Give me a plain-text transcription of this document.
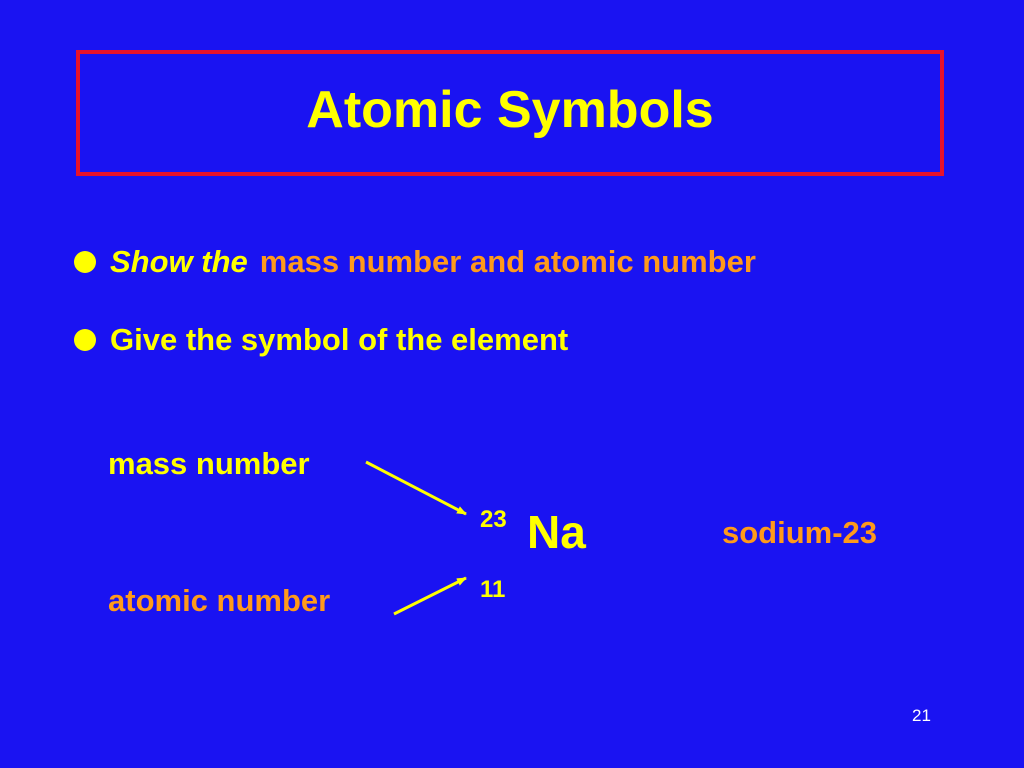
Atomic Symbols
Show the mass number and atomic number
Give the symbol of the element
mass number
atomic number
23
11
Na	sodium-23
21
